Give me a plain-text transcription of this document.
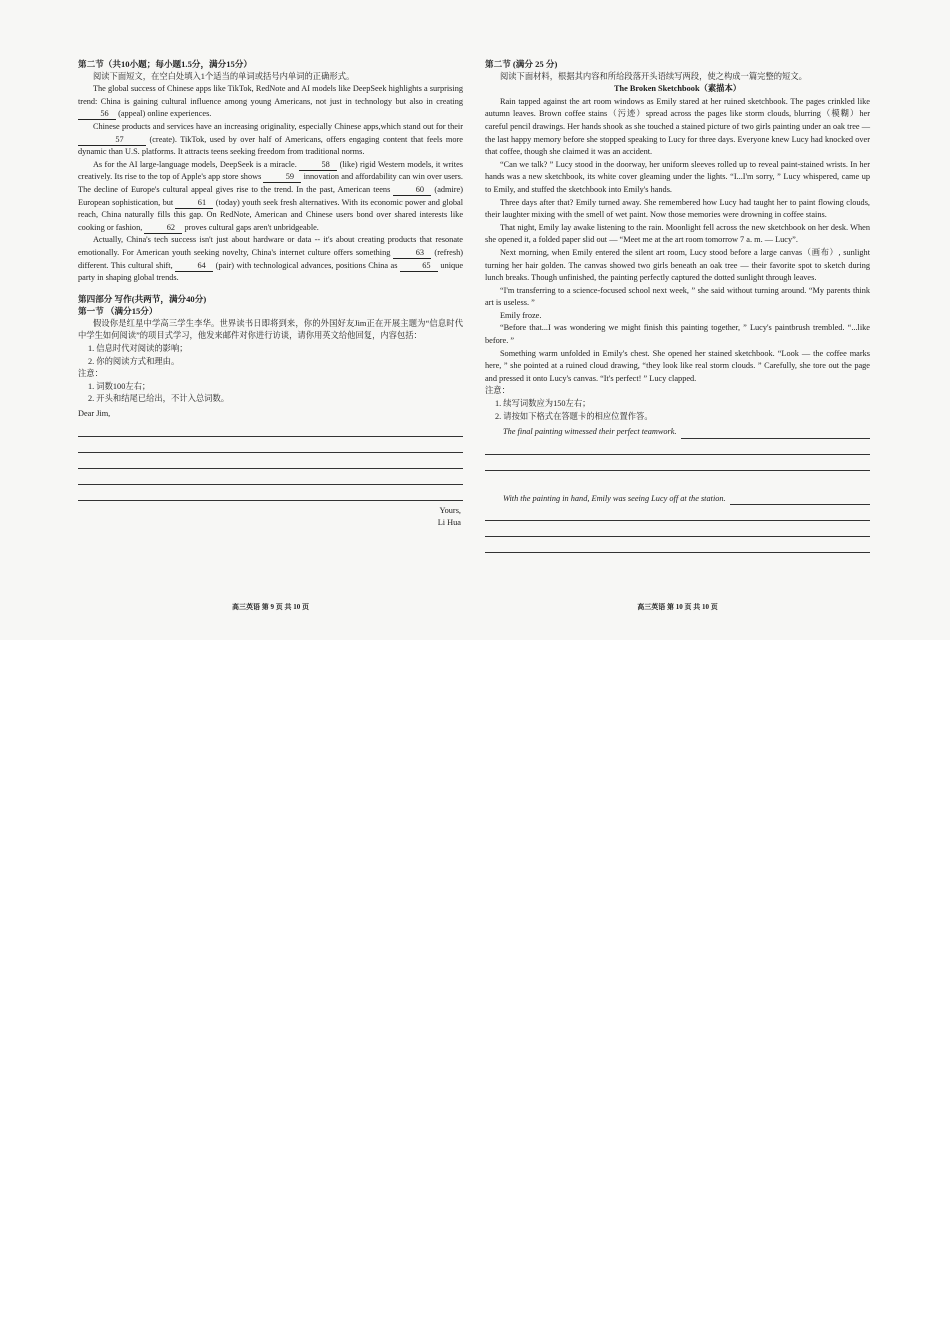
第二节（共10小题；每小题1.5分，满分15分）
阅读下面短文，在空白处填入1个适当的单词或括号内单词的正确形式。
The global success of Chinese apps like TikTok, RedNote and AI models like DeepSeek highlights a surprising trend: China is gaining cultural influence among young Americans, not just in technology but also in creating 56 (appeal) online experiences.
Chinese products and services have an increasing originality, especially Chinese apps,which stand out for their 57	(create). TikTok, used by over half of Americans, offers engaging content that feels more dynamic than U.S. platforms. It attracts teens seeking freedom from traditional norms.
As for the AI large-language models, DeepSeek is a miracle.	58 (like) rigid Western models, it writes creatively. Its rise to the top of Apple's app store shows	59 innovation and affordability can win over users. The decline of Europe's cultural appeal gives rise to the trend. In the past, American teens	60 (admire) European sophistication, but	61 (today) youth seek fresh alternatives. With its economic power and global reach, China naturally fills this gap. On RedNote, American and Chinese users bond over shared interests like cooking or fashion,	62 proves cultural gaps aren't unbridgeable.
Actually, China's tech success isn't just about hardware or data -- it's about creating products that resonate emotionally. For American youth seeking novelty, China's internet culture offers something	63 (refresh) different. This cultural shift,	64 (pair) with technological advances, positions China as	65 unique party in shaping global trends.
第四部分 写作(共两节，满分40分)
第一节 （满分15分）
假设你是红星中学高三学生李华。世界读书日即将到来，你的外国好友Jim正在开展主题为“信息时代中学生如何阅读”的项目式学习，他发来邮件对你进行访谈，请你用英文给他回复，内容包括：
1. 信息时代对阅读的影响；
2. 你的阅读方式和理由。
注意：
1. 词数100左右；
2. 开头和结尾已给出，不计入总词数。
Dear Jim,
Yours,
Li Hua
第二节 (满分 25 分)
阅读下面材料，根据其内容和所给段落开头语续写两段，使之构成一篇完整的短文。
The Broken Sketchbook（素描本）
Rain tapped against the art room windows as Emily stared at her ruined sketchbook. The pages crinkled like autumn leaves. Brown coffee stains（污迹）spread across the pages like storm clouds, blurring（模糊）her careful pencil drawings. Her hands shook as she touched a stained picture of two girls painting under an oak tree — the last happy memory before she stopped speaking to Lucy for three days. Everyone knew Lucy had knocked over that coffee, though she claimed it was an accident.
“Can we talk? ” Lucy stood in the doorway, her uniform sleeves rolled up to reveal paint-stained wrists. In her hands was a new sketchbook, its white cover gleaming under the lights. “I...I'm sorry, ” Lucy whispered, came up to Emily, and stuffed the sketchbook into Emily's hands.
Three days after that? Emily turned away. She remembered how Lucy had taught her to paint flowing clouds, their laughter mixing with the smell of wet paint. Now those memories were drowning in coffee stains.
That night, Emily lay awake listening to the rain. Moonlight fell across the new sketchbook on her desk. When she opened it, a folded paper slid out — “Meet me at the art room tomorrow 7 a. m. — Lucy”.
Next morning, when Emily entered the silent art room, Lucy stood before a large canvas（画布）, sunlight turning her hair golden. The canvas showed two girls beneath an oak tree — their favorite spot to sketch during lunch breaks. Though unfinished, the painting perfectly captured the dotted sunlight through leaves.
“I'm transferring to a science-focused school next week, ” she said without turning around. “My parents think art is useless. ”
Emily froze.
“Before that...I was wondering we might finish this painting together, ” Lucy's paintbrush trembled. “...like before. ”
Something warm unfolded in Emily's chest. She opened her stained sketchbook. “Look — the coffee marks here, ” she pointed at a ruined cloud drawing, “they look like real storm clouds. ” Carefully, she tore out the page and pressed it onto Lucy's canvas. “It's perfect! ” Lucy clapped.
注意：
1. 续写词数应为150左右；
2. 请按如下格式在答题卡的相应位置作答。
The final painting witnessed their perfect teamwork.
With the painting in hand, Emily was seeing Lucy off at the station.
高三英语 第 9 页 共 10 页	高三英语 第 10 页 共 10 页
